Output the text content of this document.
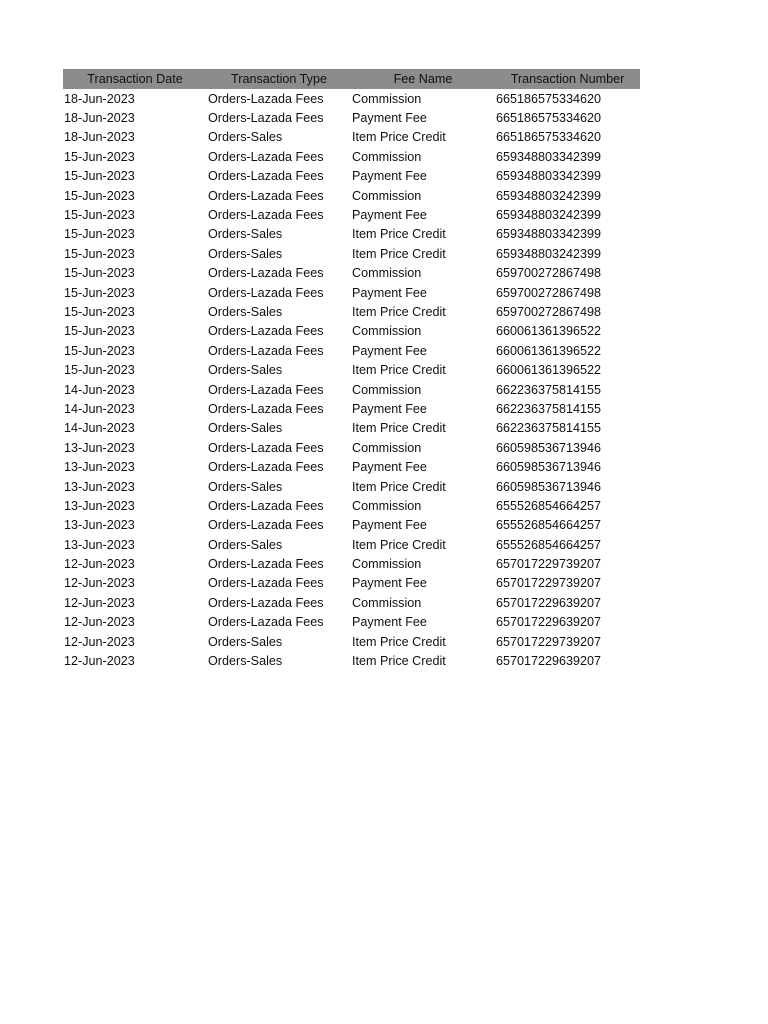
Transaction Date	Transaction Type	Fee Name	Transaction Number
18-Jun-2023	Orders-Lazada Fees	Commission	665186575334620
18-Jun-2023	Orders-Lazada Fees	Payment Fee	665186575334620
18-Jun-2023	Orders-Sales	Item Price Credit	665186575334620
15-Jun-2023	Orders-Lazada Fees	Commission	659348803342399
15-Jun-2023	Orders-Lazada Fees	Payment Fee	659348803342399
15-Jun-2023	Orders-Lazada Fees	Commission	659348803242399
15-Jun-2023	Orders-Lazada Fees	Payment Fee	659348803242399
15-Jun-2023	Orders-Sales	Item Price Credit	659348803342399
15-Jun-2023	Orders-Sales	Item Price Credit	659348803242399
15-Jun-2023	Orders-Lazada Fees	Commission	659700272867498
15-Jun-2023	Orders-Lazada Fees	Payment Fee	659700272867498
15-Jun-2023	Orders-Sales	Item Price Credit	659700272867498
15-Jun-2023	Orders-Lazada Fees	Commission	660061361396522
15-Jun-2023	Orders-Lazada Fees	Payment Fee	660061361396522
15-Jun-2023	Orders-Sales	Item Price Credit	660061361396522
14-Jun-2023	Orders-Lazada Fees	Commission	662236375814155
14-Jun-2023	Orders-Lazada Fees	Payment Fee	662236375814155
14-Jun-2023	Orders-Sales	Item Price Credit	662236375814155
13-Jun-2023	Orders-Lazada Fees	Commission	660598536713946
13-Jun-2023	Orders-Lazada Fees	Payment Fee	660598536713946
13-Jun-2023	Orders-Sales	Item Price Credit	660598536713946
13-Jun-2023	Orders-Lazada Fees	Commission	655526854664257
13-Jun-2023	Orders-Lazada Fees	Payment Fee	655526854664257
13-Jun-2023	Orders-Sales	Item Price Credit	655526854664257
12-Jun-2023	Orders-Lazada Fees	Commission	657017229739207
12-Jun-2023	Orders-Lazada Fees	Payment Fee	657017229739207
12-Jun-2023	Orders-Lazada Fees	Commission	657017229639207
12-Jun-2023	Orders-Lazada Fees	Payment Fee	657017229639207
12-Jun-2023	Orders-Sales	Item Price Credit	657017229739207
12-Jun-2023	Orders-Sales	Item Price Credit	657017229639207
